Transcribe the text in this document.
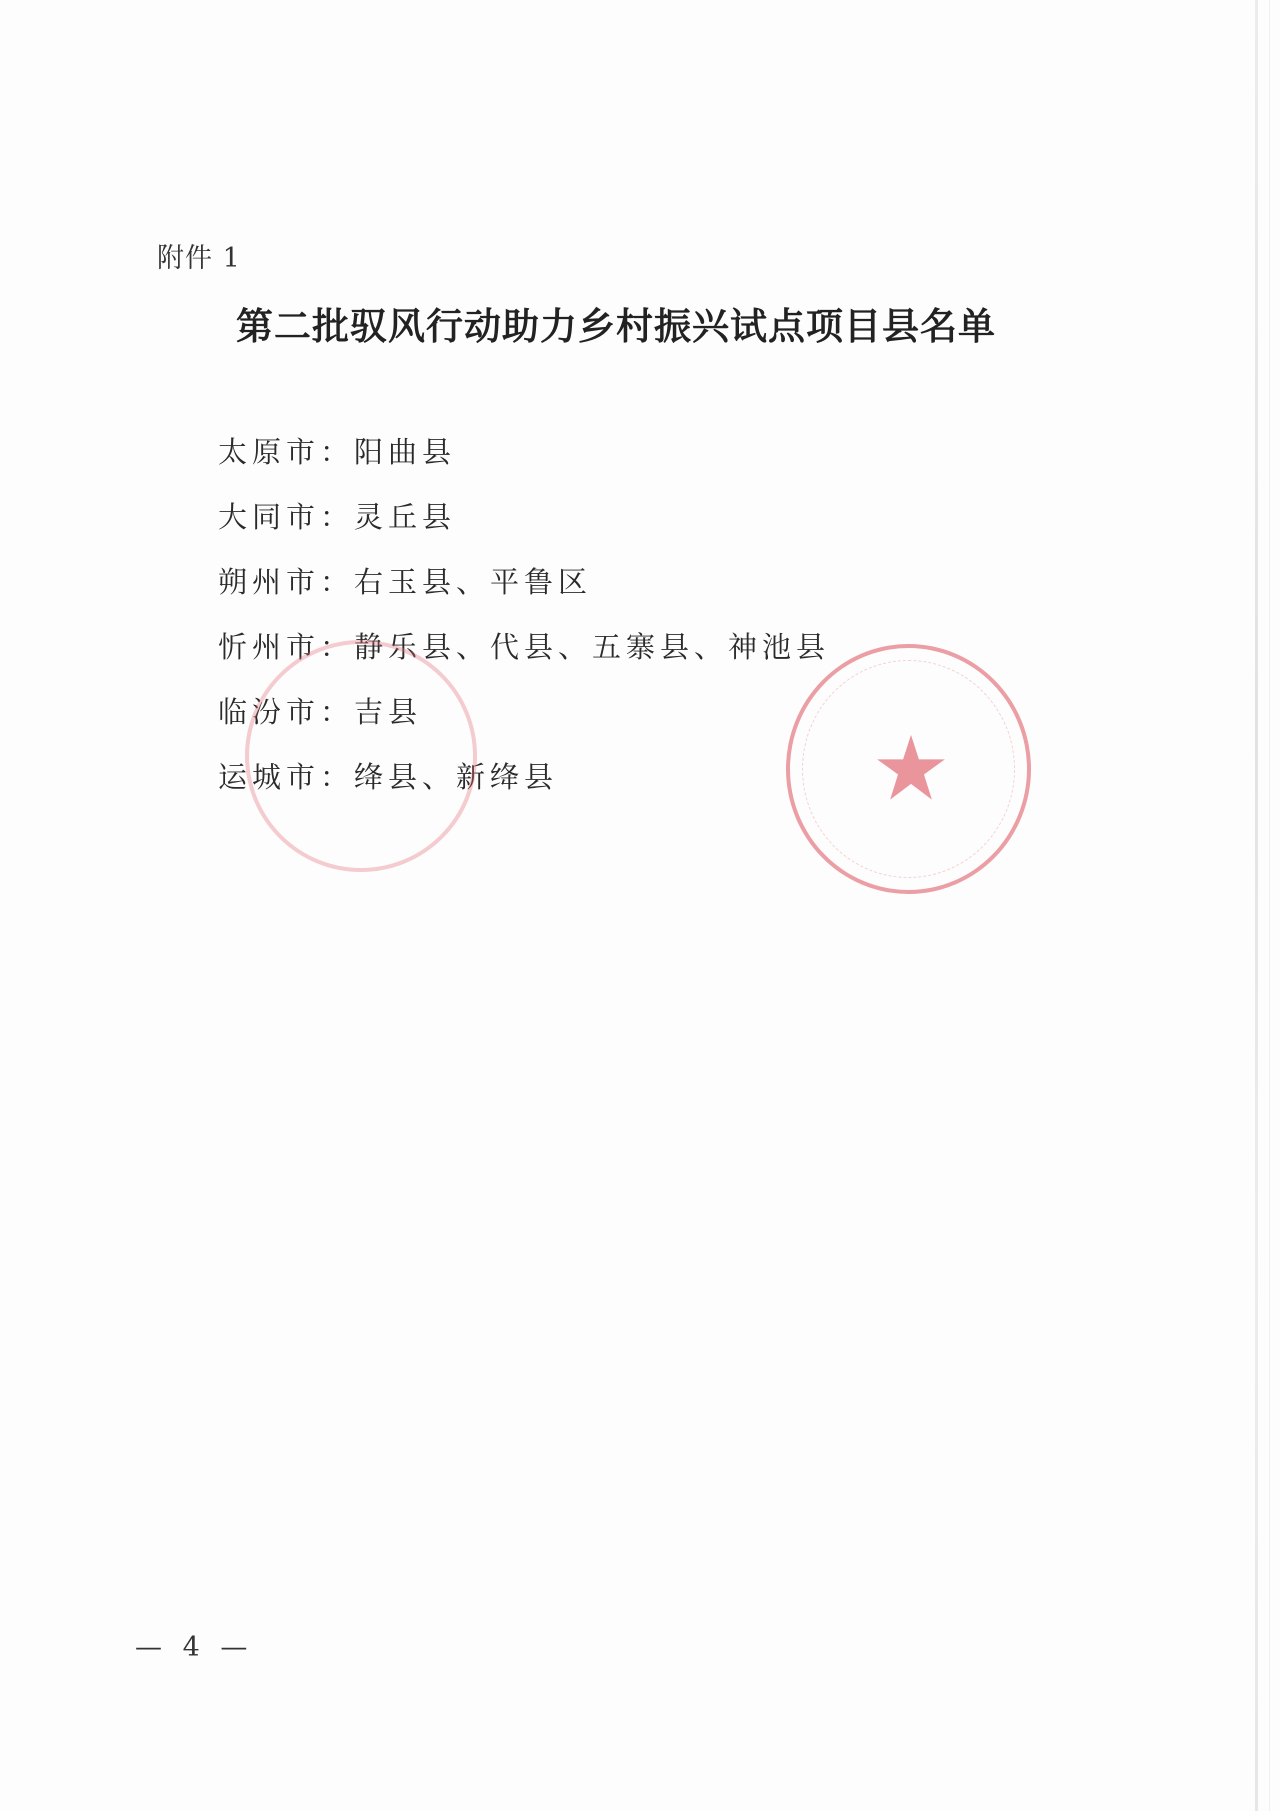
附件 1
第二批驭风行动助力乡村振兴试点项目县名单
太原市：阳曲县
大同市：灵丘县
朔州市：右玉县、平鲁区
忻州市：静乐县、代县、五寨县、神池县
临汾市：吉县
运城市：绛县、新绛县
— 4 —
